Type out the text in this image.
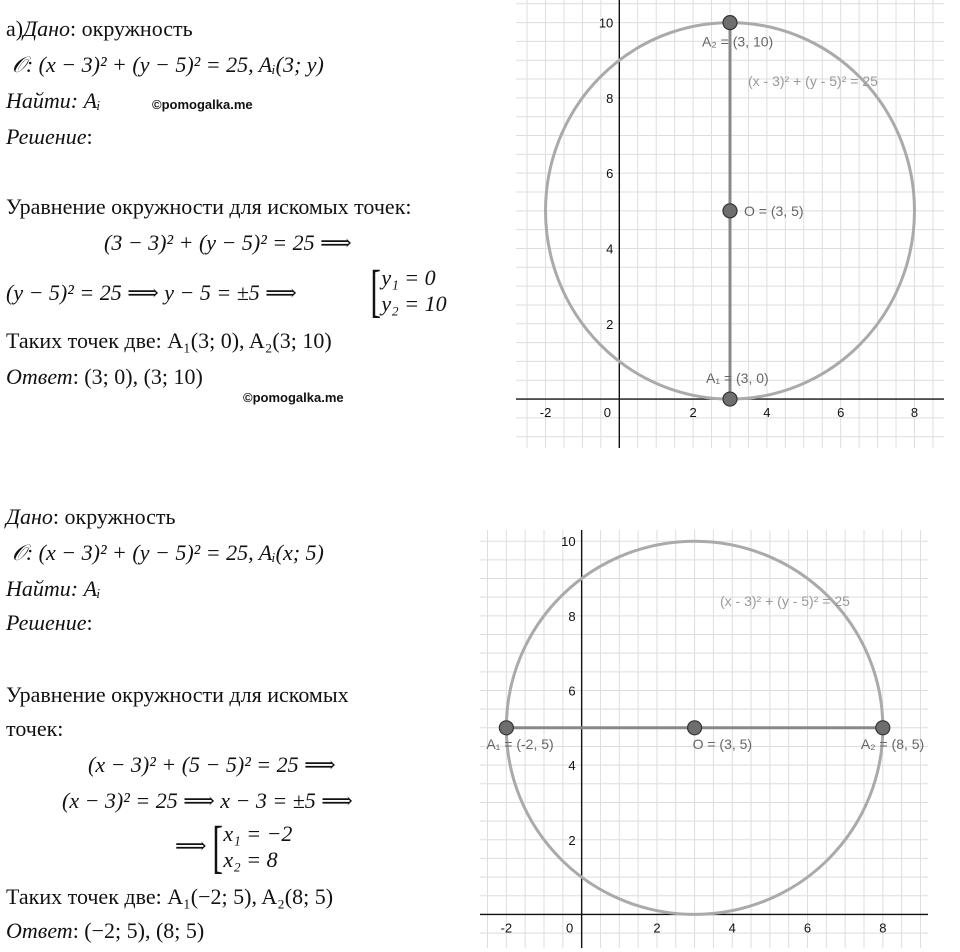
а)Дано: окружность
𝒪: (x − 3)² + (y − 5)² = 25, Aᵢ(3; y)
Найти: Aᵢ	©pomogalka.me
Решение:
Уравнение окружности для искомых точек:
(3 − 3)² + (y − 5)² = 25 ⟹
(y − 5)² = 25 ⟹ y − 5 = ±5 ⟹ [ y₁ = 0
y₂ = 10
Таких точек две: A₁(3; 0), A₂(3; 10)
Ответ: (3; 0), (3; 10)
©pomogalka.me
Дано: окружность
𝒪: (x − 3)² + (y − 5)² = 25, Aᵢ(x; 5)
Найти: Aᵢ
Решение:
Уравнение окружности для искомых
точек:
(x − 3)² + (5 − 5)² = 25 ⟹
(x − 3)² = 25 ⟹ x − 3 = ±5 ⟹
⟹ [ x₁ = −2
x₂ = 8
Таких точек две: A₁(−2; 5), A₂(8; 5)
Ответ: (−2; 5), (8; 5)
-2	0	2	4	6	8
2
4
6
8
10
A₂ = (3, 10)
O = (3, 5)
A₁ = (3, 0)
(x - 3)² + (y - 5)² = 25
-2	0	2	4	6	8
2
4
6
8
10
A₁ = (-2, 5)	O = (3, 5)	A₂ = (8, 5)
(x - 3)² + (y - 5)² = 25
